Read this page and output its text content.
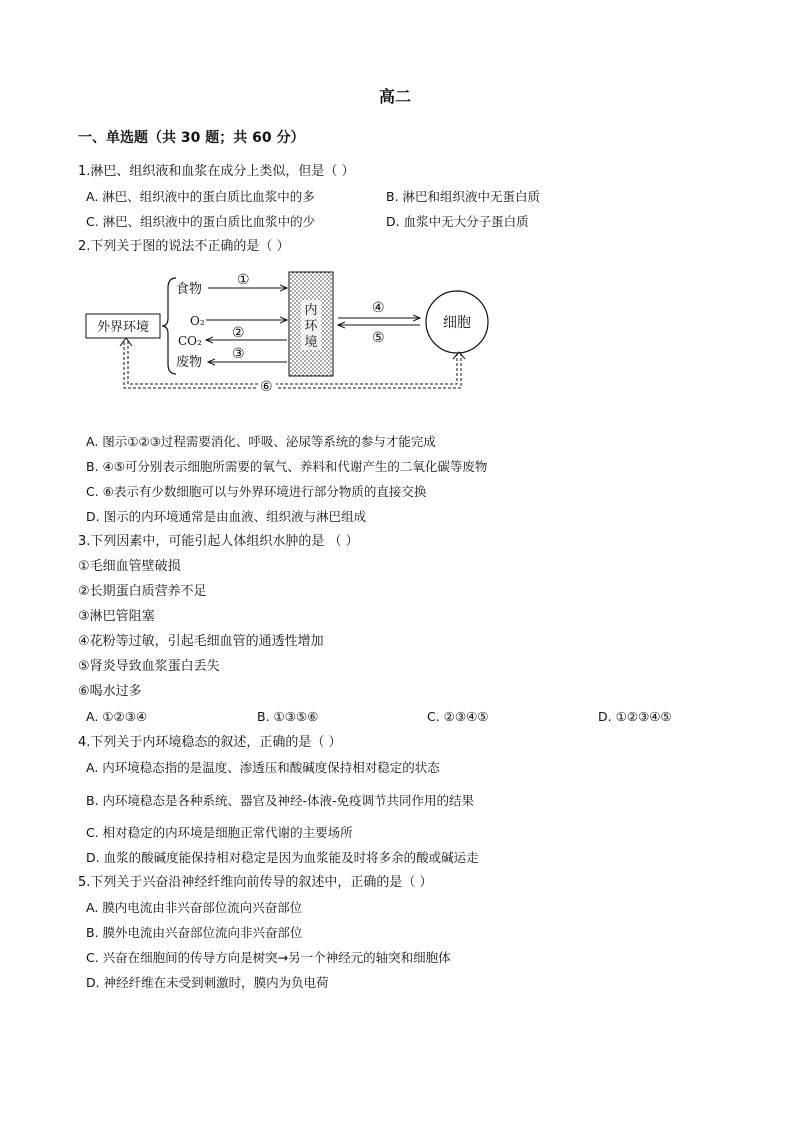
高二
一、单选题（共 30 题；共 60 分）
1.淋巴、组织液和血浆在成分上类似，但是（ ）
A. 淋巴、组织液中的蛋白质比血浆中的多	B. 淋巴和组织液中无蛋白质
C. 淋巴、组织液中的蛋白质比血浆中的少	D. 血浆中无大分子蛋白质
2.下列关于图的说法不正确的是（ ）
外界环境
食物
O₂
CO₂
废物
①
②
③
内
环
境
④
⑤
细胞
⑥
A. 图示①②③过程需要消化、呼吸、泌尿等系统的参与才能完成
B. ④⑤可分别表示细胞所需要的氧气、养料和代谢产生的二氧化碳等废物
C. ⑥表示有少数细胞可以与外界环境进行部分物质的直接交换
D. 图示的内环境通常是由血液、组织液与淋巴组成
3.下列因素中，可能引起人体组织水肿的是 （ ）
①毛细血管壁破损
②长期蛋白质营养不足
③淋巴管阻塞
④花粉等过敏，引起毛细血管的通透性增加
⑤肾炎导致血浆蛋白丢失
⑥喝水过多
A. ①②③④	B. ①③⑤⑥	C. ②③④⑤	D. ①②③④⑤
4.下列关于内环境稳态的叙述，正确的是（ ）
A. 内环境稳态指的是温度、渗透压和酸碱度保持相对稳定的状态
B. 内环境稳态是各种系统、器官及神经-体液-免疫调节共同作用的结果
C. 相对稳定的内环境是细胞正常代谢的主要场所
D. 血浆的酸碱度能保持相对稳定是因为血浆能及时将多余的酸或碱运走
5.下列关于兴奋沿神经纤维向前传导的叙述中，正确的是（ ）
A. 膜内电流由非兴奋部位流向兴奋部位
B. 膜外电流由兴奋部位流向非兴奋部位
C. 兴奋在细胞间的传导方向是树突→另一个神经元的轴突和细胞体
D. 神经纤维在未受到刺激时，膜内为负电荷
